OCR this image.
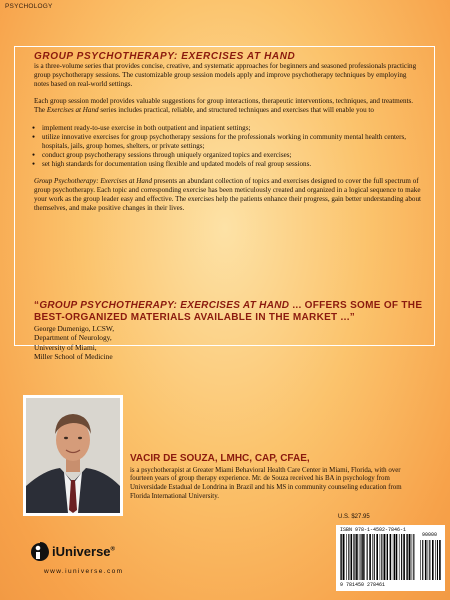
PSYCHOLOGY

GROUP PSYCHOTHERAPY: EXERCISES AT HAND
is a three-volume series that provides concise, creative, and systematic approaches for beginners and seasoned professionals practicing group psychotherapy sessions. The customizable group session models apply and improve psychotherapy techniques by employing notes based on real-world settings.

Each group session model provides valuable suggestions for group interactions, therapeutic interventions, techniques, and treatments. The Exercises at Hand series includes practical, reliable, and structured techniques and exercises that will enable you to

● implement ready-to-use exercise in both outpatient and inpatient settings;
● utilize innovative exercises for group psychotherapy sessions for the professionals working in community mental health centers, hospitals, jails, group homes, shelters, or private settings;
● conduct group psychotherapy sessions through uniquely organized topics and exercises;
● set high standards for documentation using flexible and updated models of real group sessions.

Group Psychotherapy: Exercises at Hand presents an abundant collection of topics and exercises designed to cover the full spectrum of group psychotherapy. Each topic and corresponding exercise has been meticulously created and organized in a logical sequence to make your work as the group leader easy and effective. The exercises help the patients enhance their progress, gain better understanding about themselves, and make positive changes in their lives.

“GROUP PSYCHOTHERAPY: EXERCISES AT HAND ... OFFERS SOME OF THE BEST-ORGANIZED MATERIALS AVAILABLE IN THE MARKET ...”
George Dumenigo, LCSW,
Department of Neurology,
University of Miami,
Miller School of Medicine
VACIR DE SOUZA, LMHC, CAP, CFAE,
is a psychotherapist at Greater Miami Behavioral Health Care Center in Miami, Florida, with over fourteen years of group therapy experience. Mr. de Souza received his BA in psychology from Universidade Estadual de Londrina in Brazil and his MS in community counseling education from Florida International University.
iUniverse®
www.iuniverse.com
U.S. $27.95
ISBN 978-1-4502-7846-1
90000
9 781450 278461
